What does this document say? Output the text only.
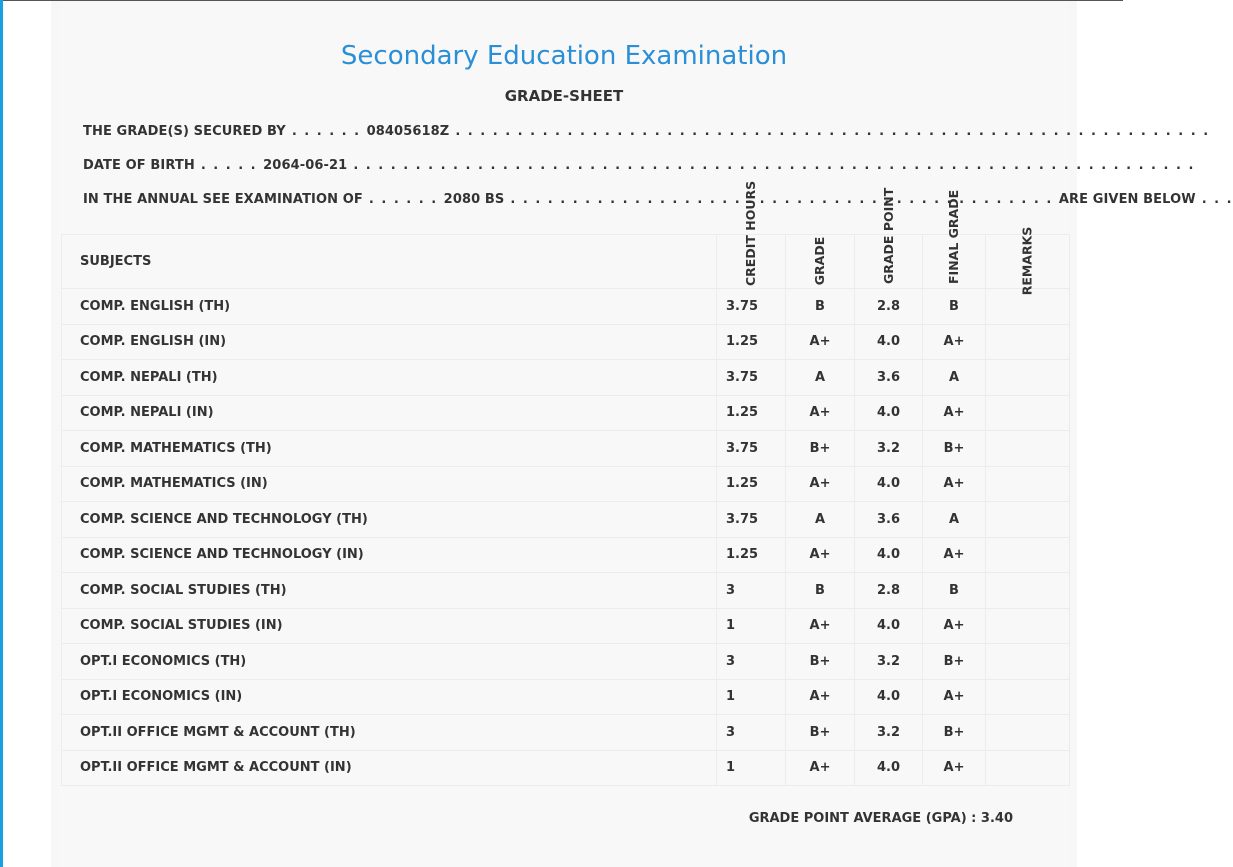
Secondary Education Examination
GRADE-SHEET
THE GRADE(S) SECURED BY . . . . . . 08405618Z . . . . . . . . . . . . . . . . . . . . . . . . . . . . . . . . . . . . . . . . . . . . . . . . . . . . . . . . . . . . .
DATE OF BIRTH . . . . . 2064-06-21 . . . . . . . . . . . . . . . . . . . . . . . . . . . . . . . . . . . . . . . . . . . . . . . . . . . . . . . . . . . . . . . . . . . .
IN THE ANNUAL SEE EXAMINATION OF . . . . . . 2080 BS . . . . . . . . . . . . . . . . . . . . . . . . . . . . . . . . . . . . . . . . . . . . ARE GIVEN BELOW . . .
SUBJECTS	CREDIT HOURS	GRADE	GRADE POINT	FINAL GRADE	REMARKS
COMP. ENGLISH (TH)	3.75	B	2.8	B	
COMP. ENGLISH (IN)	1.25	A+	4.0	A+	
COMP. NEPALI (TH)	3.75	A	3.6	A	
COMP. NEPALI (IN)	1.25	A+	4.0	A+	
COMP. MATHEMATICS (TH)	3.75	B+	3.2	B+	
COMP. MATHEMATICS (IN)	1.25	A+	4.0	A+	
COMP. SCIENCE AND TECHNOLOGY (TH)	3.75	A	3.6	A	
COMP. SCIENCE AND TECHNOLOGY (IN)	1.25	A+	4.0	A+	
COMP. SOCIAL STUDIES (TH)	3	B	2.8	B	
COMP. SOCIAL STUDIES (IN)	1	A+	4.0	A+	
OPT.I ECONOMICS (TH)	3	B+	3.2	B+	
OPT.I ECONOMICS (IN)	1	A+	4.0	A+	
OPT.II OFFICE MGMT & ACCOUNT (TH)	3	B+	3.2	B+	
OPT.II OFFICE MGMT & ACCOUNT (IN)	1	A+	4.0	A+	
GRADE POINT AVERAGE (GPA) : 3.40
